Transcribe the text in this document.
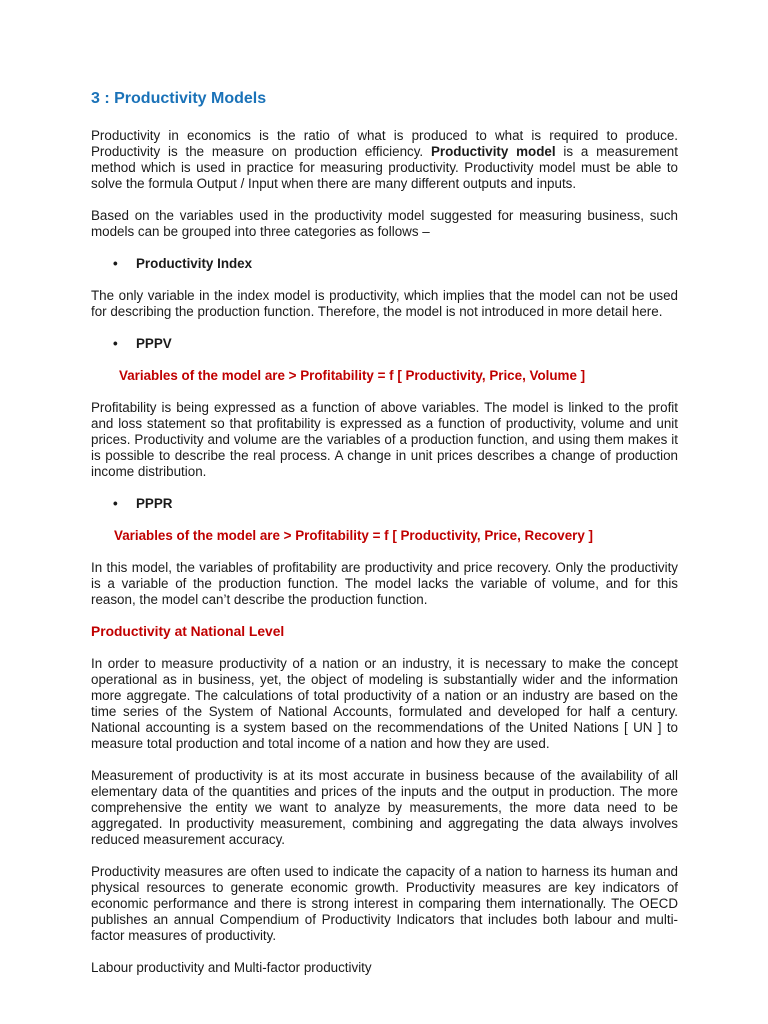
3 : Productivity Models

Productivity in economics is the ratio of what is produced to what is required to produce. Productivity is the measure on production efficiency. Productivity model is a measurement method which is used in practice for measuring productivity. Productivity model must be able to solve the formula Output / Input when there are many different outputs and inputs.

Based on the variables used in the productivity model suggested for measuring business, such models can be grouped into three categories as follows –

• Productivity Index

The only variable in the index model is productivity, which implies that the model can not be used for describing the production function. Therefore, the model is not introduced in more detail here.

• PPPV
Variables of the model are > Profitability = f [ Productivity, Price, Volume ]

Profitability is being expressed as a function of above variables. The model is linked to the profit and loss statement so that profitability is expressed as a function of productivity, volume and unit prices. Productivity and volume are the variables of a production function, and using them makes it is possible to describe the real process. A change in unit prices describes a change of production income distribution.

• PPPR
Variables of the model are > Profitability = f [ Productivity, Price, Recovery ]

In this model, the variables of profitability are productivity and price recovery. Only the productivity is a variable of the production function. The model lacks the variable of volume, and for this reason, the model can’t describe the production function.

Productivity at National Level

In order to measure productivity of a nation or an industry, it is necessary to make the concept operational as in business, yet, the object of modeling is substantially wider and the information more aggregate. The calculations of total productivity of a nation or an industry are based on the time series of the System of National Accounts, formulated and developed for half a century. National accounting is a system based on the recommendations of the United Nations [ UN ] to measure total production and total income of a nation and how they are used.

Measurement of productivity is at its most accurate in business because of the availability of all elementary data of the quantities and prices of the inputs and the output in production. The more comprehensive the entity we want to analyze by measurements, the more data need to be aggregated. In productivity measurement, combining and aggregating the data always involves reduced measurement accuracy.

Productivity measures are often used to indicate the capacity of a nation to harness its human and physical resources to generate economic growth. Productivity measures are key indicators of economic performance and there is strong interest in comparing them internationally. The OECD publishes an annual Compendium of Productivity Indicators that includes both labour and multi-factor measures of productivity.

Labour productivity and Multi-factor productivity
